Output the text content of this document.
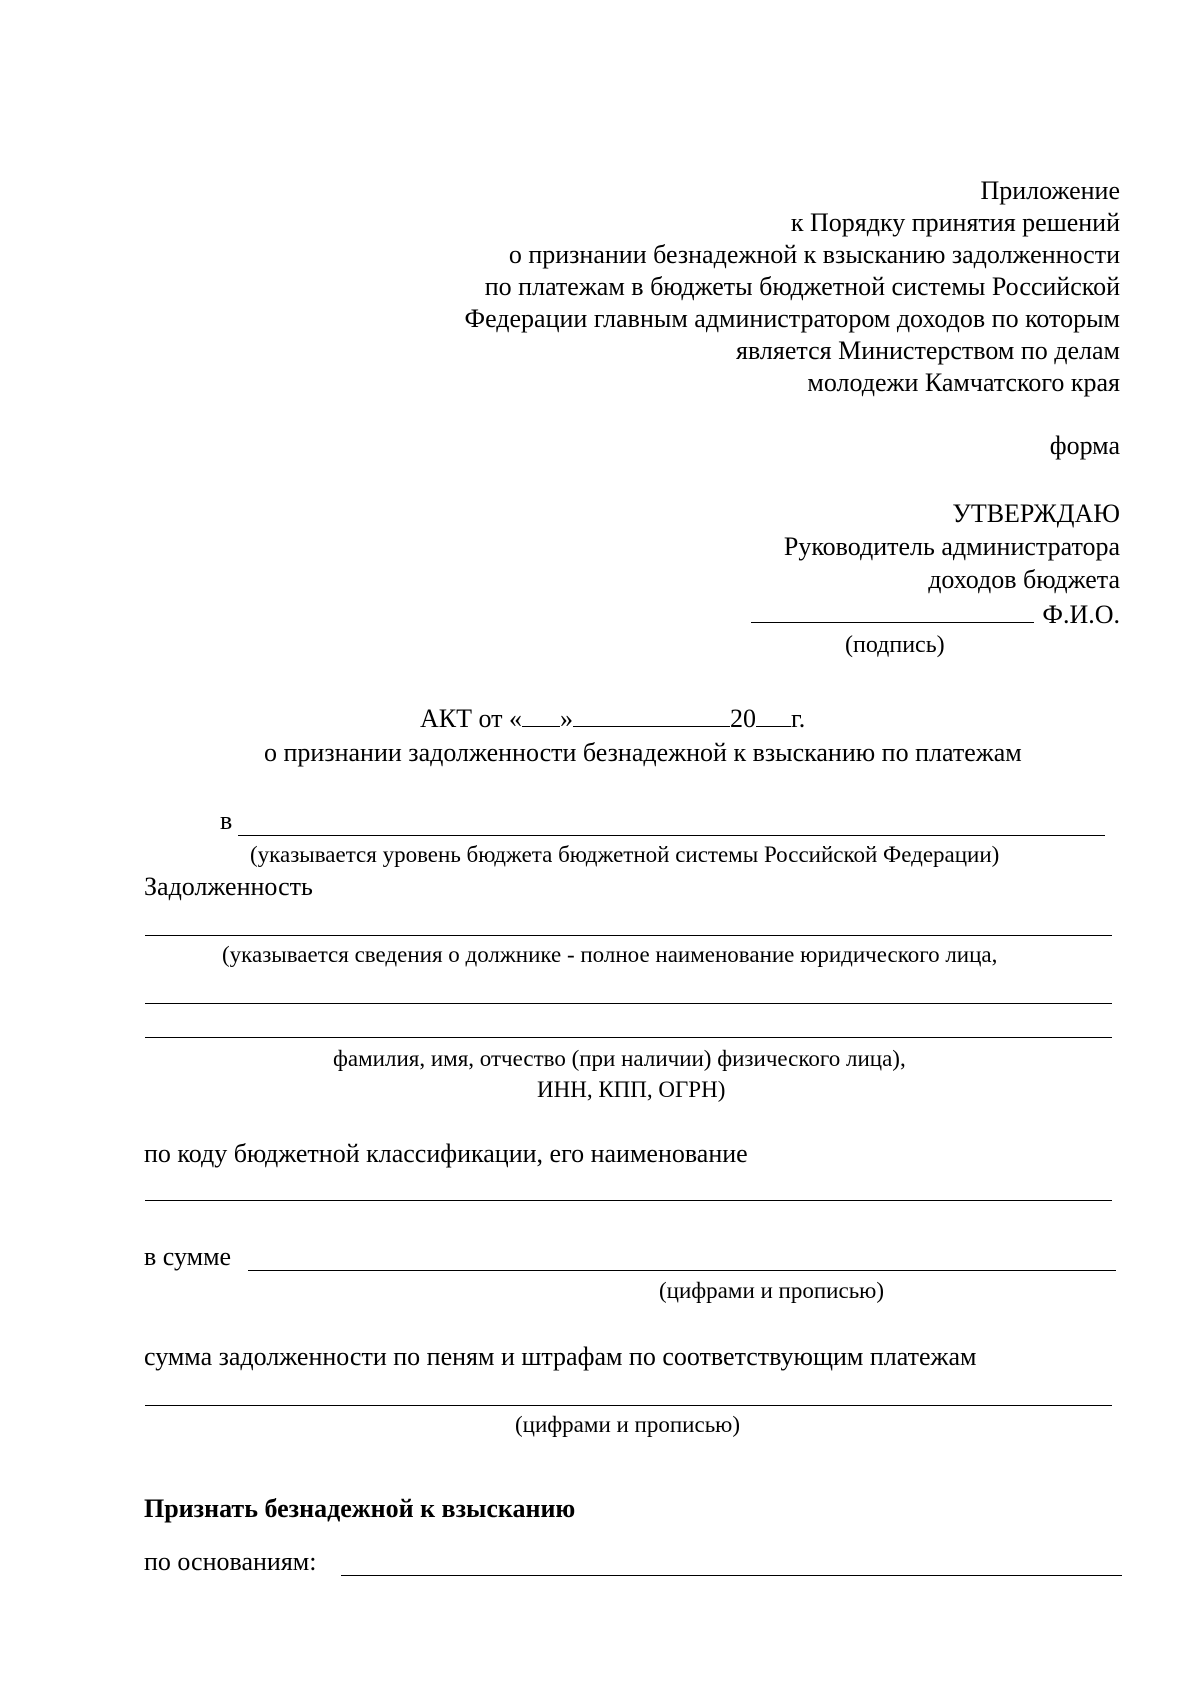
Приложение
к Порядку принятия решений
о признании безнадежной к взысканию задолженности
по платежам в бюджеты бюджетной системы Российской
Федерации главным администратором доходов по которым
является Министерством по делам
молодежи Камчатского края
форма
УТВЕРЖДАЮ
Руководитель администратора
доходов бюджета
Ф.И.О.
(подпись)
АКТ от « »	20 г.
о признании задолженности безнадежной к взысканию по платежам
в
(указывается уровень бюджета бюджетной системы Российской Федерации)
Задолженность
(указывается сведения о должнике - полное наименование юридического лица,
фамилия, имя, отчество (при наличии) физического лица),
ИНН, КПП, ОГРН)
по коду бюджетной классификации, его наименование
в сумме
(цифрами и прописью)
сумма задолженности по пеням и штрафам по соответствующим платежам
(цифрами и прописью)
Признать безнадежной к взысканию
по основаниям:
